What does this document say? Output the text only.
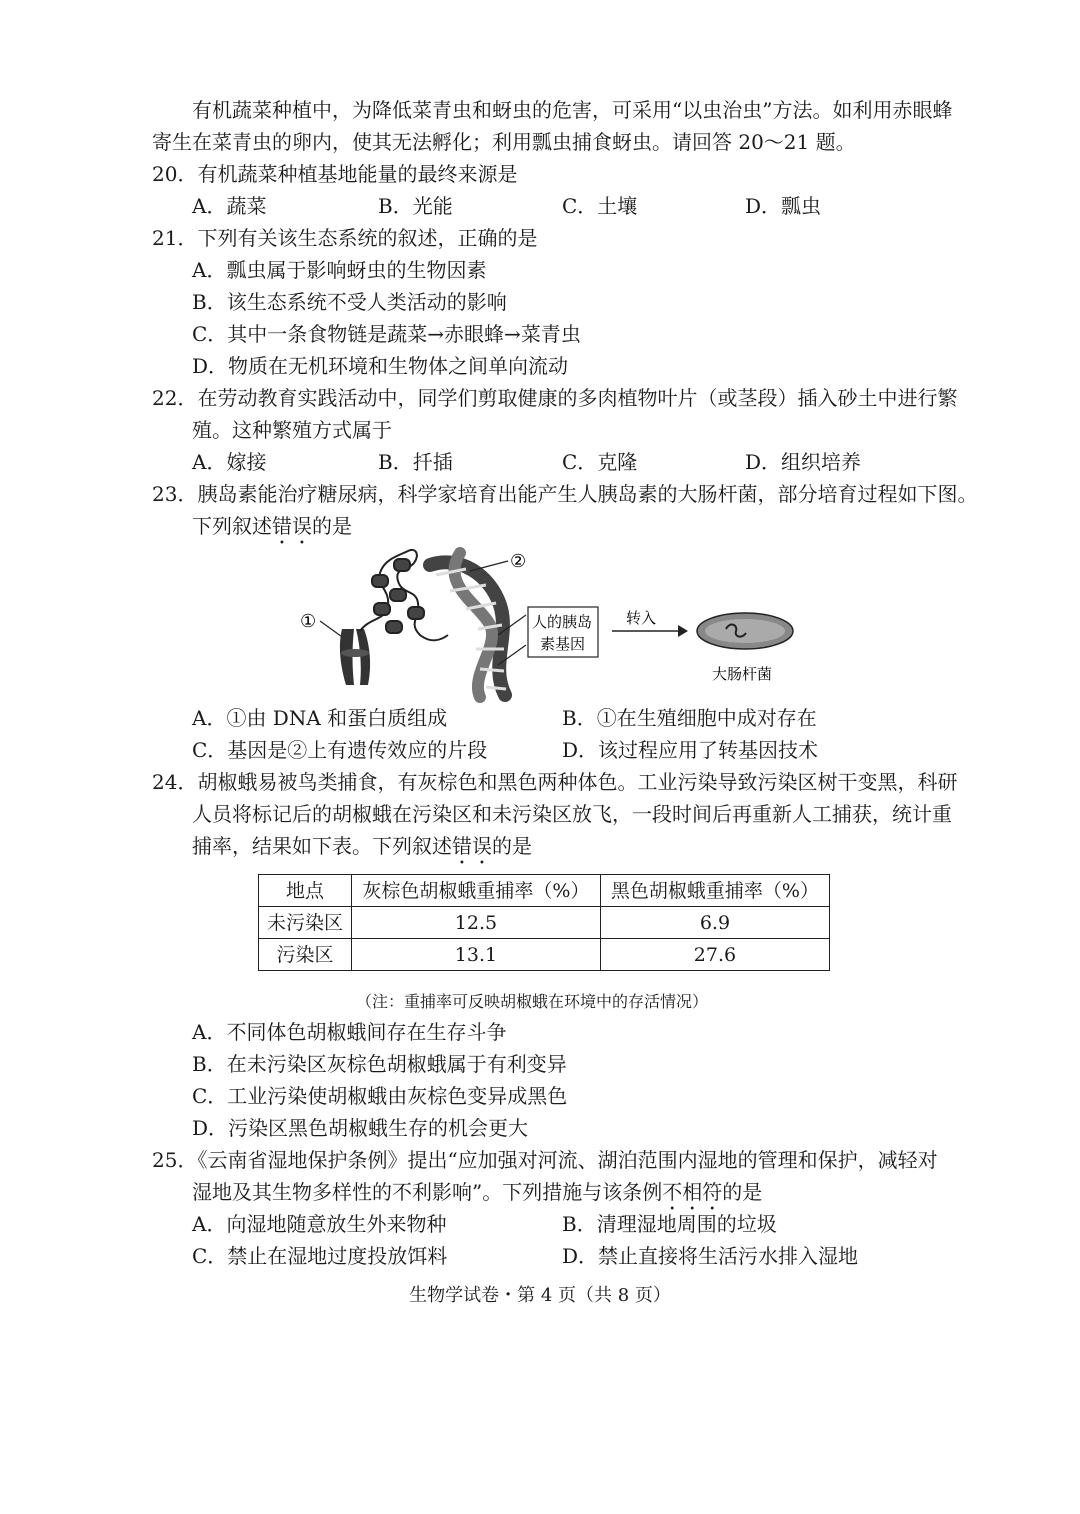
有机蔬菜种植中，为降低菜青虫和蚜虫的危害，可采用“以虫治虫”方法。如利用赤眼蜂
寄生在菜青虫的卵内，使其无法孵化；利用瓢虫捕食蚜虫。请回答 20～21 题。
20．有机蔬菜种植基地能量的最终来源是
A．蔬菜	B．光能	C．土壤	D．瓢虫
21．下列有关该生态系统的叙述，正确的是
A．瓢虫属于影响蚜虫的生物因素
B．该生态系统不受人类活动的影响
C．其中一条食物链是蔬菜→赤眼蜂→菜青虫
D．物质在无机环境和生物体之间单向流动
22．在劳动教育实践活动中，同学们剪取健康的多肉植物叶片（或茎段）插入砂土中进行繁
殖。这种繁殖方式属于
A．嫁接	B．扦插	C．克隆	D．组织培养
23．胰岛素能治疗糖尿病，科学家培育出能产生人胰岛素的大肠杆菌，部分培育过程如下图。
下列叙述错误的是
①
②
人的胰岛
素基因
转入
大肠杆菌
A．①由 DNA 和蛋白质组成	B．①在生殖细胞中成对存在
C．基因是②上有遗传效应的片段	D．该过程应用了转基因技术
24．胡椒蛾易被鸟类捕食，有灰棕色和黑色两种体色。工业污染导致污染区树干变黑，科研
人员将标记后的胡椒蛾在污染区和未污染区放飞，一段时间后再重新人工捕获，统计重
捕率，结果如下表。下列叙述错误的是
地点	灰棕色胡椒蛾重捕率（%）	黑色胡椒蛾重捕率（%）
未污染区	12.5	6.9
污染区	13.1	27.6
（注：重捕率可反映胡椒蛾在环境中的存活情况）
A．不同体色胡椒蛾间存在生存斗争
B．在未污染区灰棕色胡椒蛾属于有利变异
C．工业污染使胡椒蛾由灰棕色变异成黑色
D．污染区黑色胡椒蛾生存的机会更大
25．《云南省湿地保护条例》提出“应加强对河流、湖泊范围内湿地的管理和保护，减轻对
湿地及其生物多样性的不利影响”。下列措施与该条例不相符的是
A．向湿地随意放生外来物种	B．清理湿地周围的垃圾
C．禁止在湿地过度投放饵料	D．禁止直接将生活污水排入湿地
生物学试卷・第 4 页（共 8 页）
